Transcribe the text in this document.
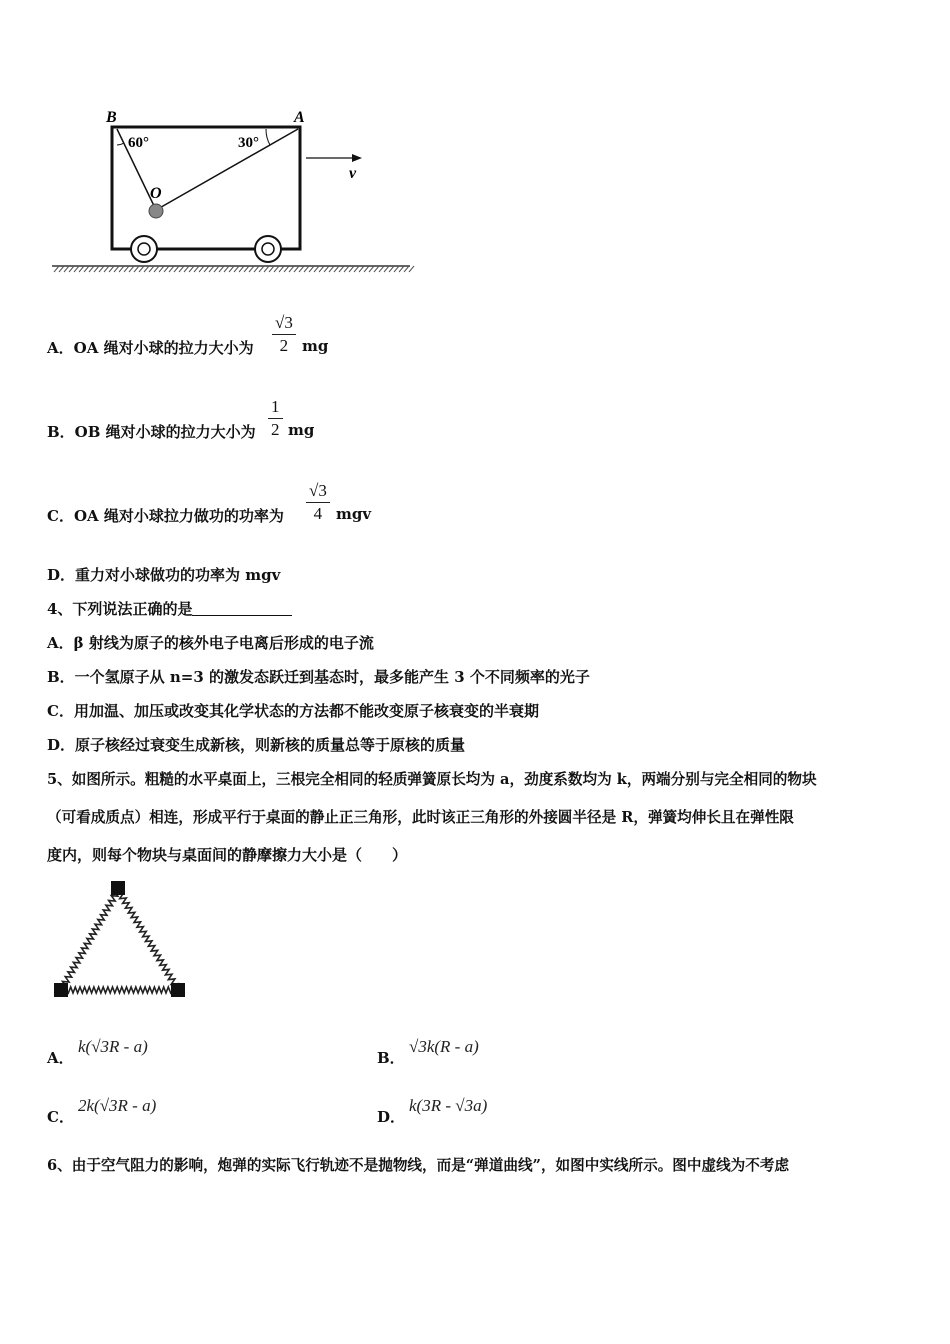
B	A
O
60°	30°
v
A．OA 绳对小球的拉力大小为 $\frac{√3}{2}$ mg
B．OB 绳对小球的拉力大小为 $\frac{1}{2}$ mg
C．OA 绳对小球拉力做功的功率为 $\frac{√3}{4}$ mgv
D．重力对小球做功的功率为 mgv
4、下列说法正确的是
A．β 射线为原子的核外电子电离后形成的电子流
B．一个氢原子从 n=3 的激发态跃迁到基态时，最多能产生 3 个不同频率的光子
C．用加温、加压或改变其化学状态的方法都不能改变原子核衰变的半衰期
D．原子核经过衰变生成新核，则新核的质量总等于原核的质量
5、如图所示。粗糙的水平桌面上，三根完全相同的轻质弹簧原长均为 a，劲度系数均为 k，两端分别与完全相同的物块
（可看成质点）相连，形成平行于桌面的静止正三角形，此时该正三角形的外接圆半径是 R，弹簧均伸长且在弹性限
度内，则每个物块与桌面间的静摩擦力大小是（　　）
A．
k(√3R - a)
B．
√3k(R - a)
C．
2k(√3R - a)
D．
k(3R - √3a)
6、由于空气阻力的影响，炮弹的实际飞行轨迹不是抛物线，而是“弹道曲线”，如图中实线所示。图中虚线为不考虑
